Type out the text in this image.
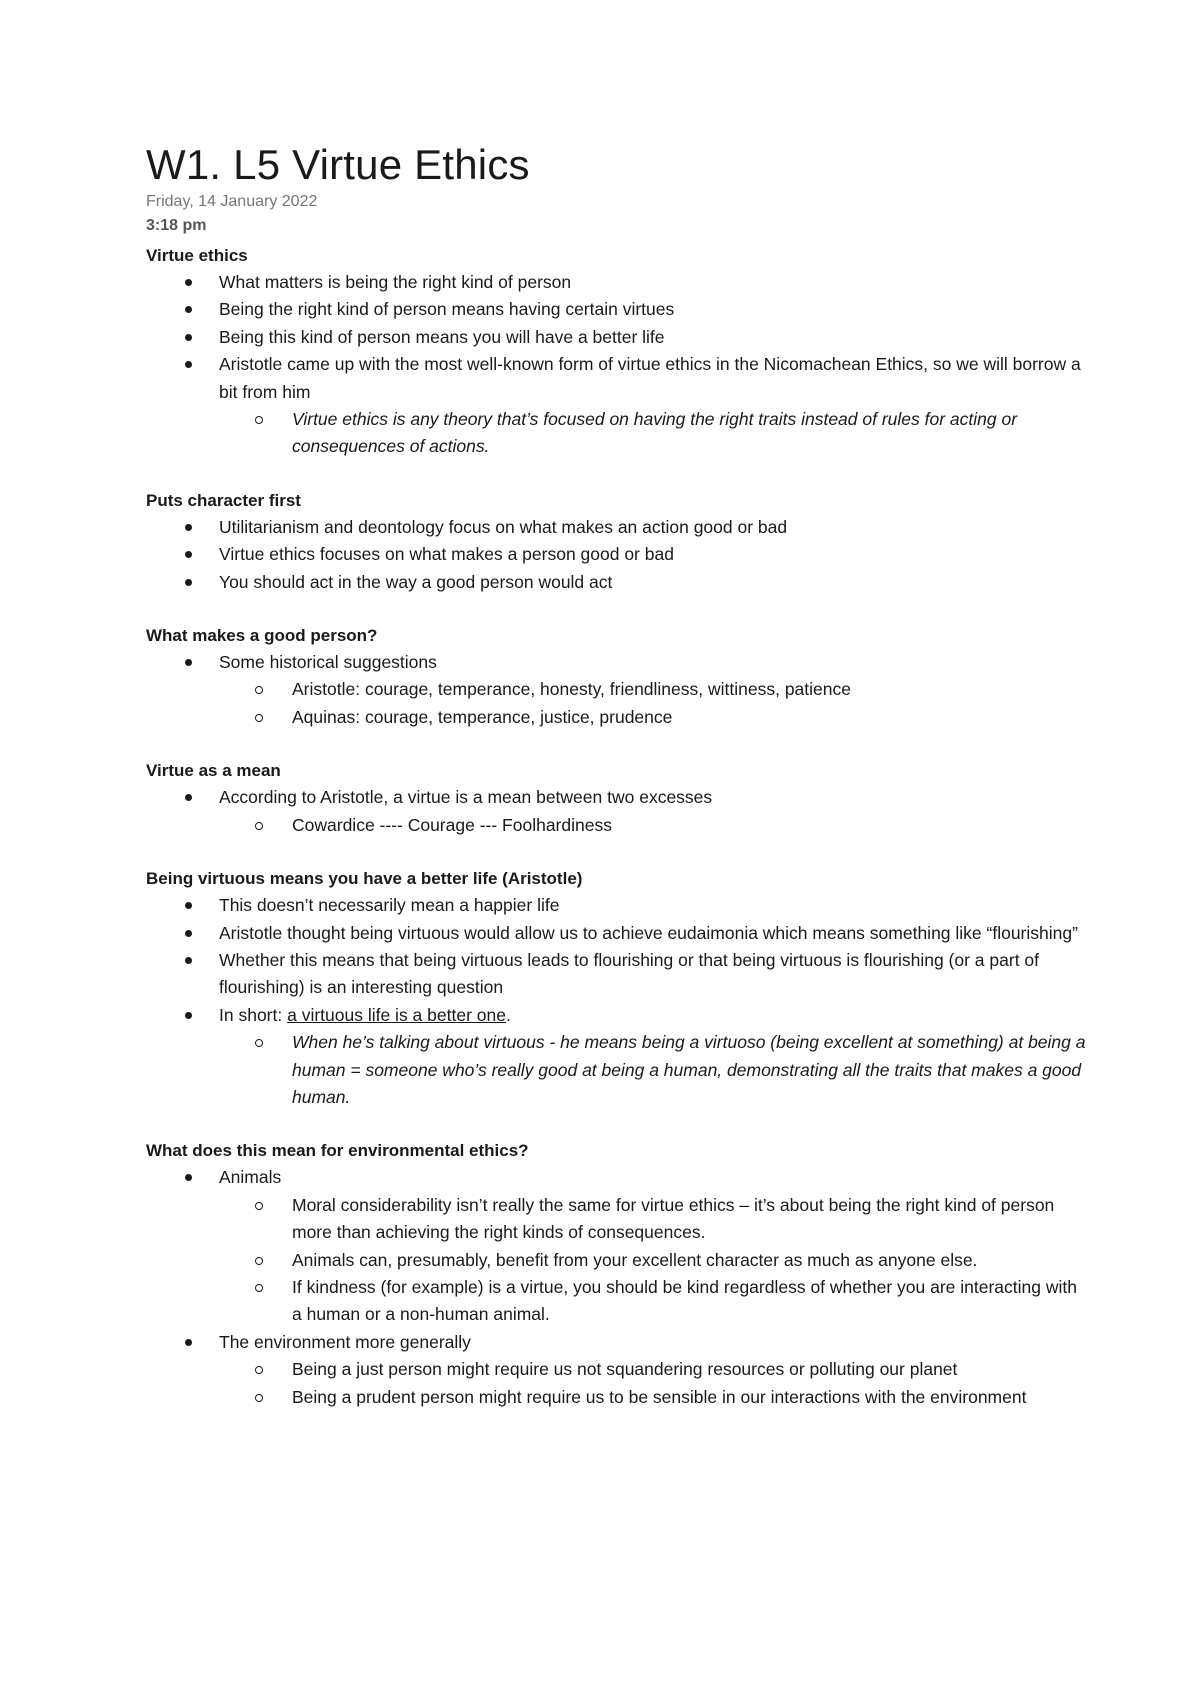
W1. L5 Virtue Ethics
Friday, 14 January 2022
3:18 pm
Virtue ethics
What matters is being the right kind of person
Being the right kind of person means having certain virtues
Being this kind of person means you will have a better life
Aristotle came up with the most well-known form of virtue ethics in the Nicomachean Ethics, so we will borrow a bit from him
Virtue ethics is any theory that’s focused on having the right traits instead of rules for acting or consequences of actions.
Puts character first
Utilitarianism and deontology focus on what makes an action good or bad
Virtue ethics focuses on what makes a person good or bad
You should act in the way a good person would act
What makes a good person?
Some historical suggestions
Aristotle: courage, temperance, honesty, friendliness, wittiness, patience
Aquinas: courage, temperance, justice, prudence
Virtue as a mean
According to Aristotle, a virtue is a mean between two excesses
Cowardice ---- Courage --- Foolhardiness
Being virtuous means you have a better life (Aristotle)
This doesn’t necessarily mean a happier life
Aristotle thought being virtuous would allow us to achieve eudaimonia which means something like “flourishing”
Whether this means that being virtuous leads to flourishing or that being virtuous is flourishing (or a part of flourishing) is an interesting question
In short: a virtuous life is a better one.
When he’s talking about virtuous - he means being a virtuoso (being excellent at something) at being a human = someone who’s really good at being a human, demonstrating all the traits that makes a good human.
What does this mean for environmental ethics?
Animals
Moral considerability isn’t really the same for virtue ethics – it’s about being the right kind of person more than achieving the right kinds of consequences.
Animals can, presumably, benefit from your excellent character as much as anyone else.
If kindness (for example) is a virtue, you should be kind regardless of whether you are interacting with a human or a non-human animal.
The environment more generally
Being a just person might require us not squandering resources or polluting our planet
Being a prudent person might require us to be sensible in our interactions with the environment
